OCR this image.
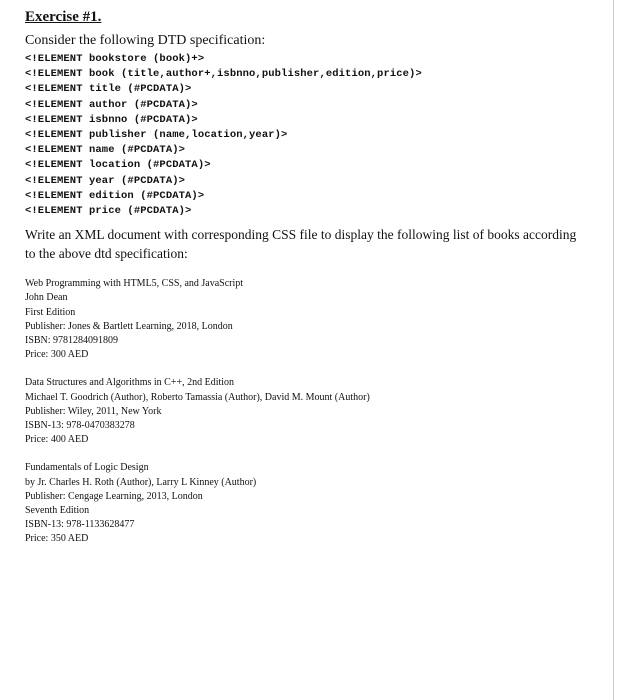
Exercise #1.
Consider the following DTD specification:
<!ELEMENT bookstore (book)+>
<!ELEMENT book (title,author+,isbnno,publisher,edition,price)>
<!ELEMENT title (#PCDATA)>
<!ELEMENT author (#PCDATA)>
<!ELEMENT isbnno (#PCDATA)>
<!ELEMENT publisher (name,location,year)>
<!ELEMENT name (#PCDATA)>
<!ELEMENT location (#PCDATA)>
<!ELEMENT year (#PCDATA)>
<!ELEMENT edition (#PCDATA)>
<!ELEMENT price (#PCDATA)>
Write an XML document with corresponding CSS file to display the following list of books according to the above dtd specification:
Web Programming with HTML5, CSS, and JavaScript
John Dean
First Edition
Publisher: Jones & Bartlett Learning, 2018, London
ISBN: 9781284091809
Price: 300 AED
Data Structures and Algorithms in C++, 2nd Edition
Michael T. Goodrich (Author), Roberto Tamassia (Author), David M. Mount (Author)
Publisher: Wiley, 2011, New York
ISBN-13: 978-0470383278
Price: 400 AED
Fundamentals of Logic Design
by Jr. Charles H. Roth (Author), Larry L Kinney (Author)
Publisher: Cengage Learning, 2013, London
Seventh Edition
ISBN-13: 978-1133628477
Price: 350 AED
